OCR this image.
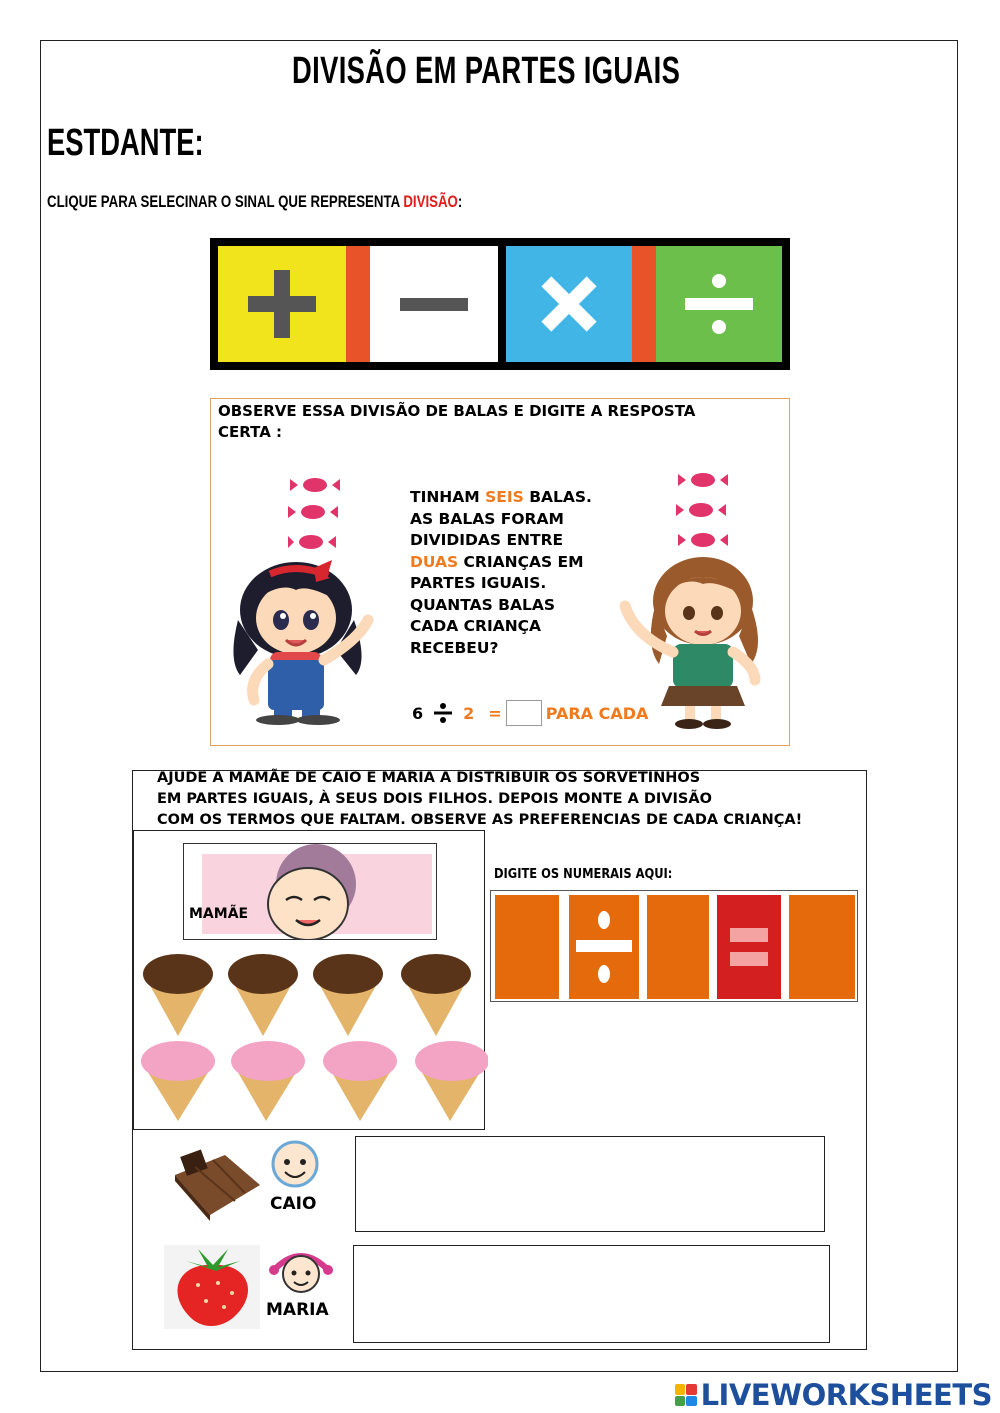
DIVISÃO EM PARTES IGUAIS
ESTDANTE:
CLIQUE PARA SELECINAR O SINAL QUE REPRESENTA DIVISÃO:
OBSERVE ESSA DIVISÃO DE BALAS E DIGITE A RESPOSTA
CERTA :
TINHAM SEIS BALAS.
AS BALAS FORAM
DIVIDIDAS ENTRE
DUAS CRIANÇAS EM
PARTES IGUAIS.
QUANTAS BALAS
CADA CRIANÇA
RECEBEU?
6	2 =	PARA CADA
AJUDE A MAMÃE DE CAIO E MARIA A DISTRIBUIR OS SORVETINHOS
EM PARTES IGUAIS, À SEUS DOIS FILHOS. DEPOIS MONTE A DIVISÃO
COM OS TERMOS QUE FALTAM. OBSERVE AS PREFERENCIAS DE CADA CRIANÇA!
MAMÃE
DIGITE OS NUMERAIS AQUI:
CAIO
MARIA
LIVEWORKSHEETS
